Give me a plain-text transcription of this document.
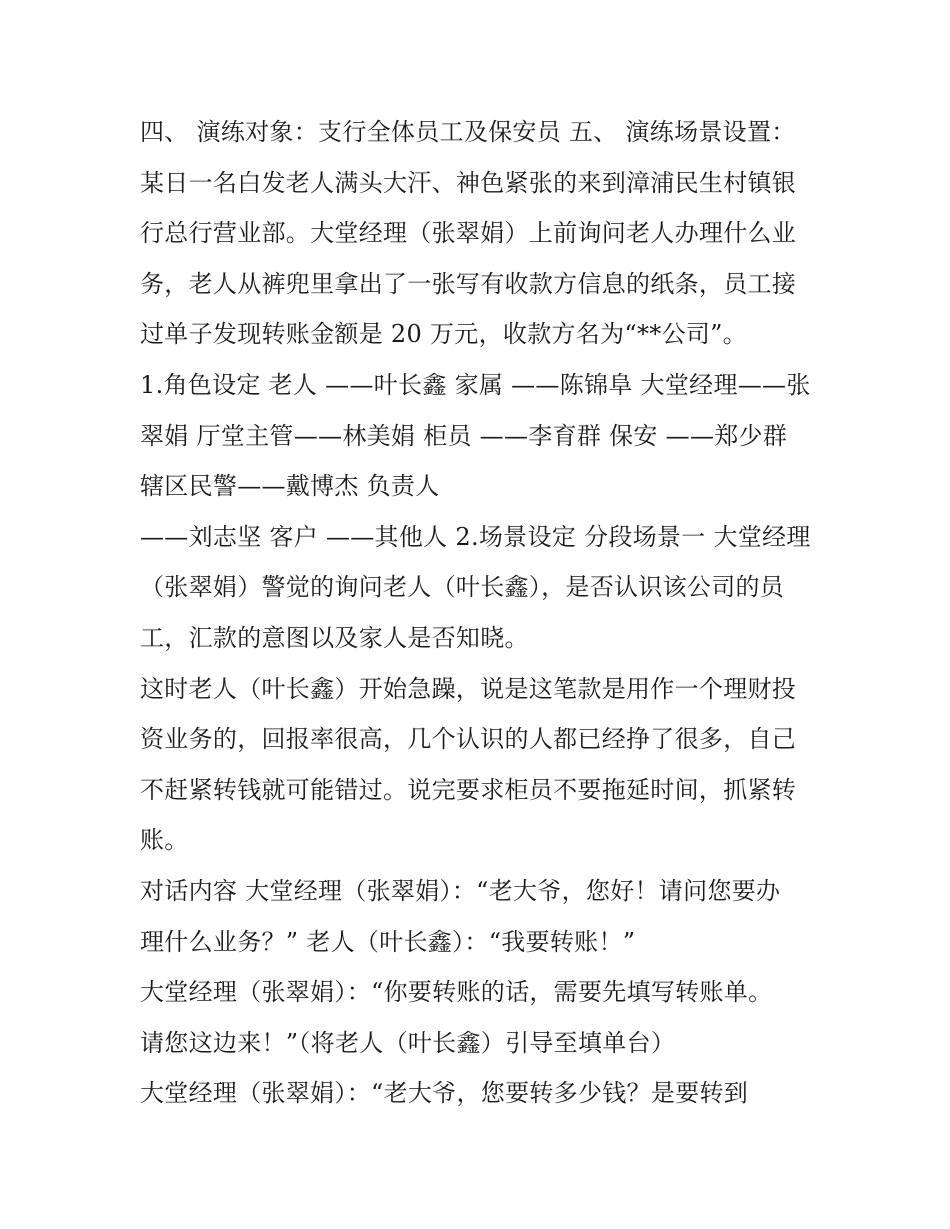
四、 演练对象：支行全体员工及保安员 五、 演练场景设置：
某日一名白发老人满头大汗、神色紧张的来到漳浦民生村镇银
行总行营业部。大堂经理（张翠娟）上前询问老人办理什么业
务，老人从裤兜里拿出了一张写有收款方信息的纸条，员工接
过单子发现转账金额是 20 万元，收款方名为“**公司”。
1.角色设定 老人 ——叶长鑫 家属 ——陈锦阜 大堂经理——张
翠娟 厅堂主管——林美娟 柜员 ——李育群 保安 ——郑少群
辖区民警——戴博杰 负责人
——刘志坚 客户 ——其他人 2.场景设定 分段场景一 大堂经理
（张翠娟）警觉的询问老人（叶长鑫），是否认识该公司的员
工，汇款的意图以及家人是否知晓。
这时老人（叶长鑫）开始急躁，说是这笔款是用作一个理财投
资业务的，回报率很高，几个认识的人都已经挣了很多，自己
不赶紧转钱就可能错过。说完要求柜员不要拖延时间，抓紧转
账。
对话内容 大堂经理（张翠娟）：“老大爷，您好！请问您要办
理什么业务？” 老人（叶长鑫）：“我要转账！”
大堂经理（张翠娟）：“你要转账的话，需要先填写转账单。
请您这边来！”（将老人（叶长鑫）引导至填单台）
大堂经理（张翠娟）：“老大爷，您要转多少钱？是要转到
